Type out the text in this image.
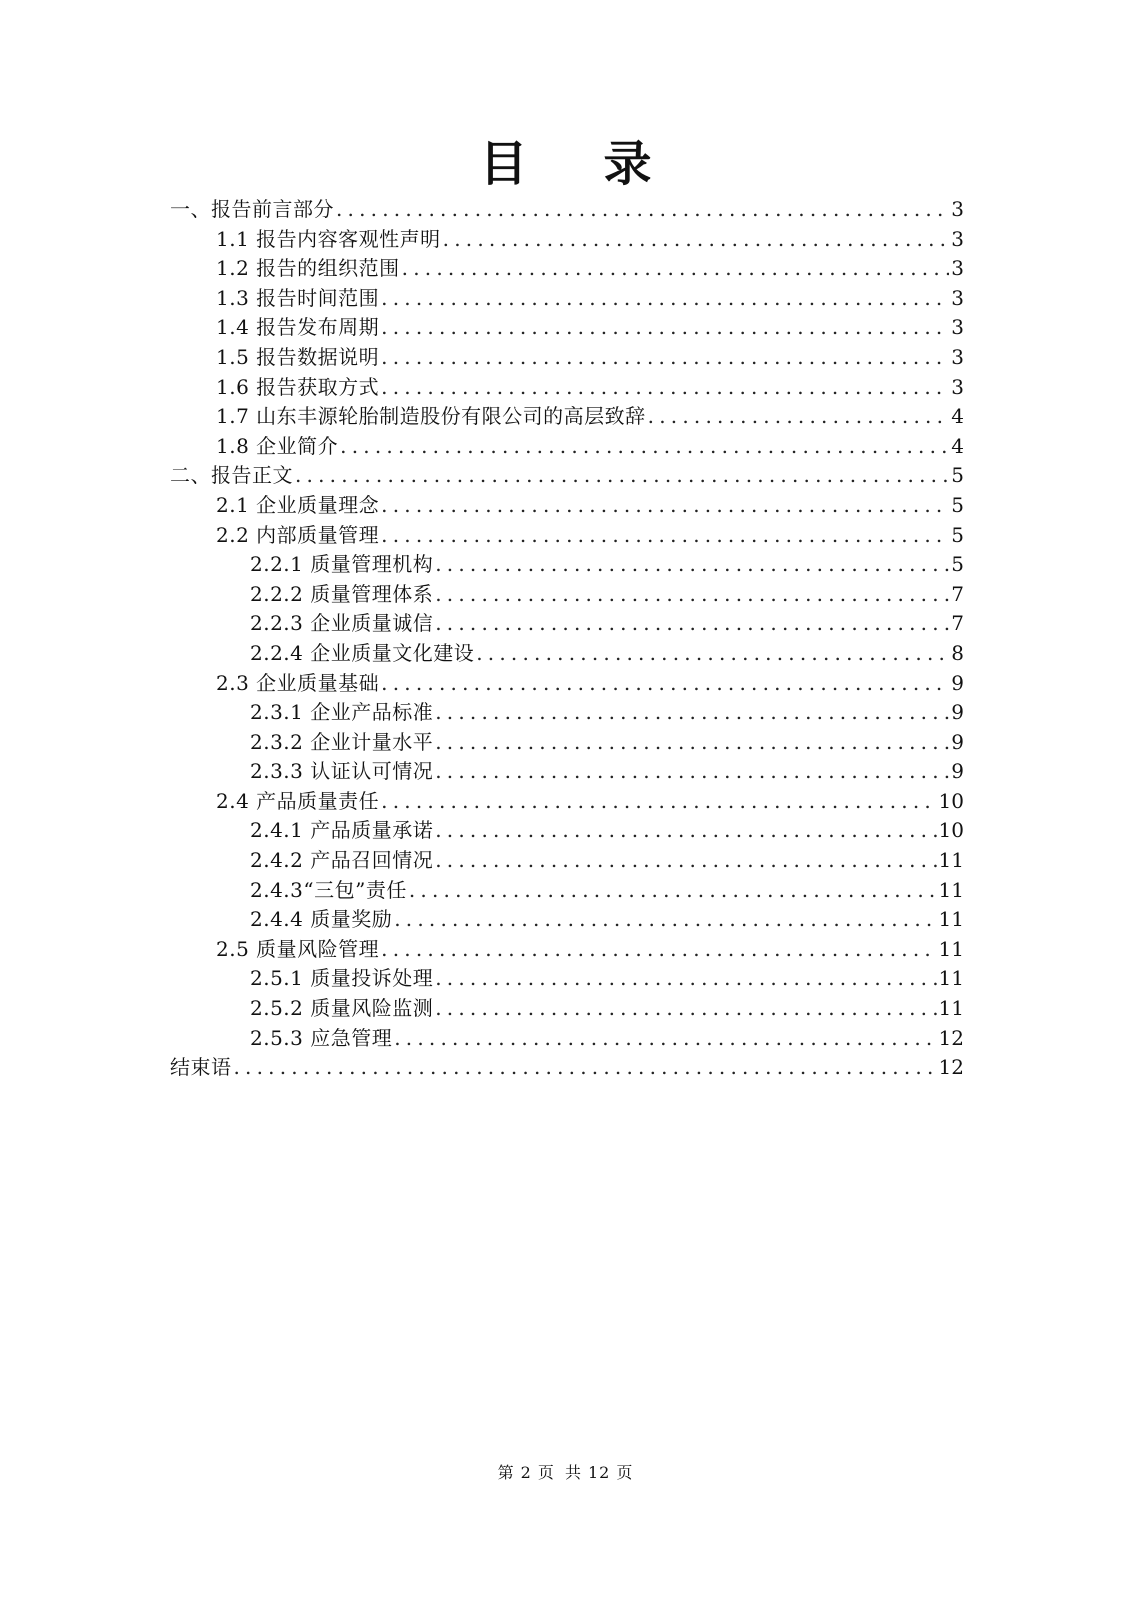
目 录
一、报告前言部分 .....	3
1.1 报告内容客观性声明 .....	3
1.2 报告的组织范围 .....	3
1.3 报告时间范围 .....	3
1.4 报告发布周期 .....	3
1.5 报告数据说明 .....	3
1.6 报告获取方式 .....	3
1.7 山东丰源轮胎制造股份有限公司的高层致辞 .....	4
1.8 企业简介 .....	4
二、报告正文 .....	5
2.1 企业质量理念 .....	5
2.2 内部质量管理 .....	5
2.2.1 质量管理机构 .....	5
2.2.2 质量管理体系 .....	7
2.2.3 企业质量诚信 .....	7
2.2.4 企业质量文化建设 .....	8
2.3 企业质量基础 .....	9
2.3.1 企业产品标准 .....	9
2.3.2 企业计量水平 .....	9
2.3.3 认证认可情况 .....	9
2.4 产品质量责任 .....	10
2.4.1 产品质量承诺 .....	10
2.4.2 产品召回情况 .....	11
2.4.3“三包”责任 .....	11
2.4.4 质量奖励 .....	11
2.5 质量风险管理 .....	11
2.5.1 质量投诉处理 .....	11
2.5.2 质量风险监测 .....	11
2.5.3 应急管理 .....	12
结束语 .....	12
第 2 页 共 12 页
